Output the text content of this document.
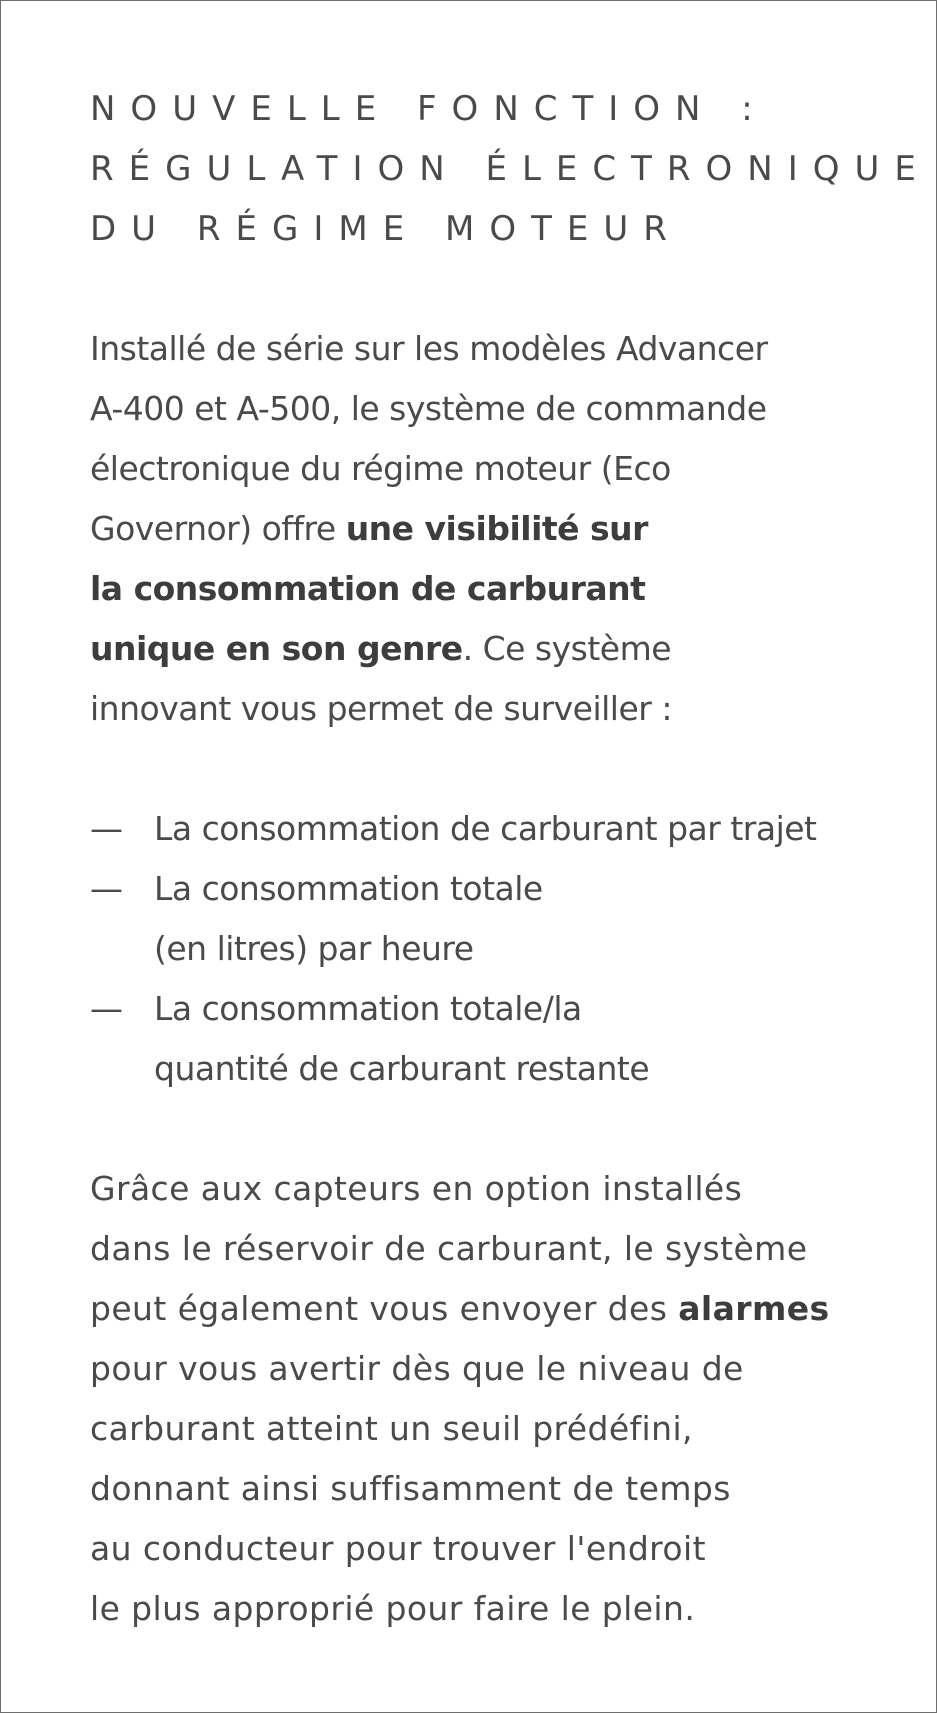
NOUVELLE FONCTION :
RÉGULATION ÉLECTRONIQUE
DU RÉGIME MOTEUR

Installé de série sur les modèles Advancer
A-400 et A-500, le système de commande
électronique du régime moteur (Eco
Governor) offre une visibilité sur
la consommation de carburant
unique en son genre. Ce système
innovant vous permet de surveiller :

— La consommation de carburant par trajet
— La consommation totale
(en litres) par heure
— La consommation totale/la
quantité de carburant restante

Grâce aux capteurs en option installés
dans le réservoir de carburant, le système
peut également vous envoyer des alarmes
pour vous avertir dès que le niveau de
carburant atteint un seuil prédéfini,
donnant ainsi suffisamment de temps
au conducteur pour trouver l'endroit
le plus approprié pour faire le plein.
